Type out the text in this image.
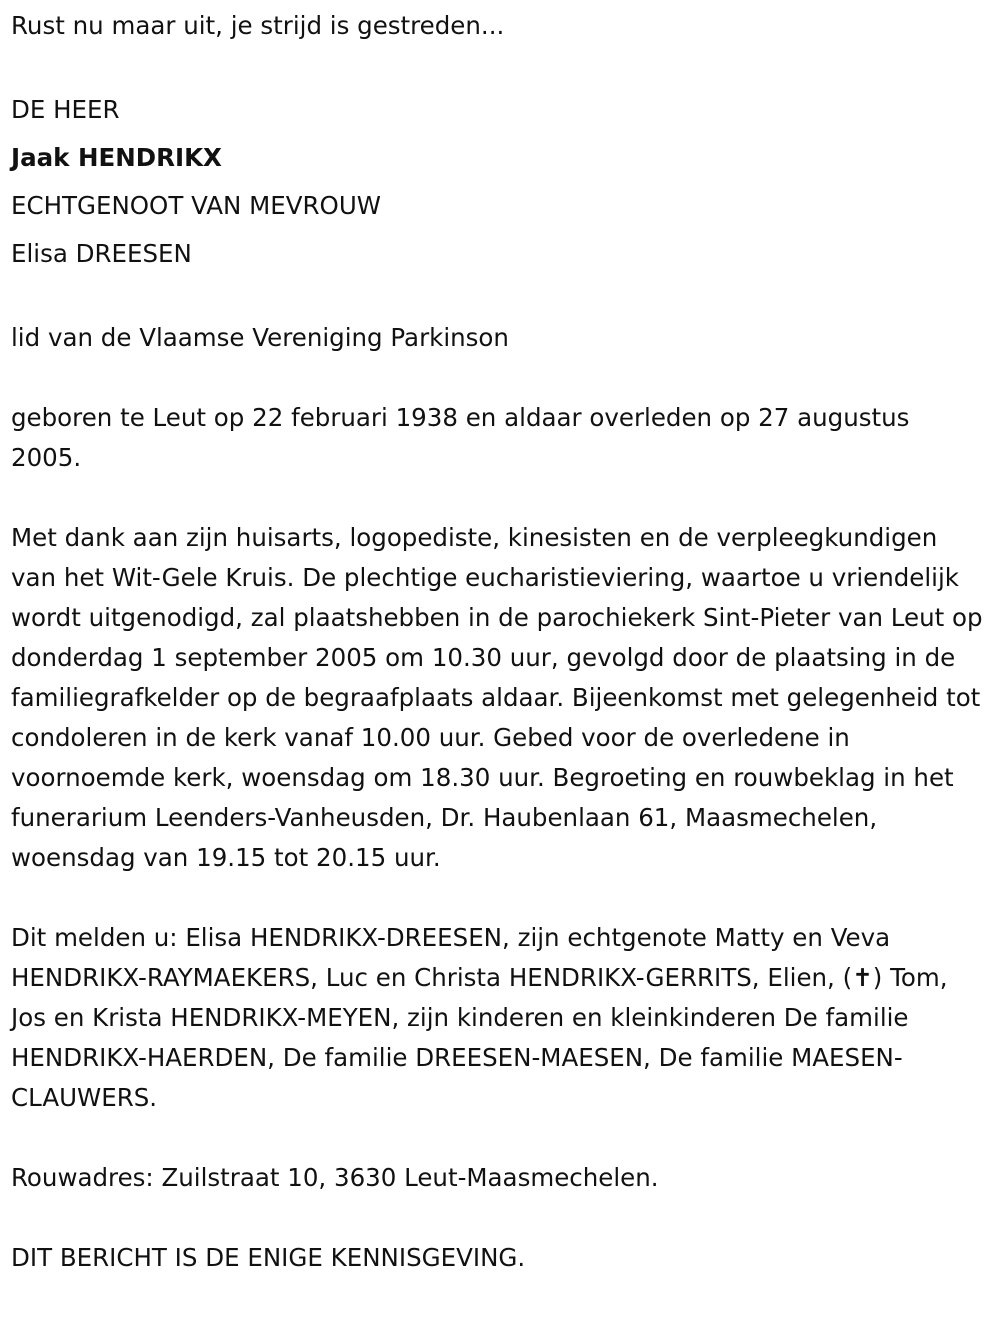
Rust nu maar uit, je strijd is gestreden...

DE HEER

Jaak HENDRIKX

ECHTGENOOT VAN MEVROUW

Elisa DREESEN

lid van de Vlaamse Vereniging Parkinson

geboren te Leut op 22 februari 1938 en aldaar overleden op 27 augustus 2005.

Met dank aan zijn huisarts, logopediste, kinesisten en de verpleegkundigen van het Wit-Gele Kruis. De plechtige eucharistieviering, waartoe u vriendelijk wordt uitgenodigd, zal plaatshebben in de parochiekerk Sint-Pieter van Leut op donderdag 1 september 2005 om 10.30 uur, gevolgd door de plaatsing in de familiegrafkelder op de begraafplaats aldaar. Bijeenkomst met gelegenheid tot condoleren in de kerk vanaf 10.00 uur. Gebed voor de overledene in voornoemde kerk, woensdag om 18.30 uur. Begroeting en rouwbeklag in het funerarium Leenders-Vanheusden, Dr. Haubenlaan 61, Maasmechelen, woensdag van 19.15 tot 20.15 uur.

Dit melden u: Elisa HENDRIKX-DREESEN, zijn echtgenote Matty en Veva HENDRIKX-RAYMAEKERS, Luc en Christa HENDRIKX-GERRITS, Elien, (✝) Tom, Jos en Krista HENDRIKX-MEYEN, zijn kinderen en kleinkinderen De familie HENDRIKX-HAERDEN, De familie DREESEN-MAESEN, De familie MAESEN-CLAUWERS.

Rouwadres: Zuilstraat 10, 3630 Leut-Maasmechelen.

DIT BERICHT IS DE ENIGE KENNISGEVING.
